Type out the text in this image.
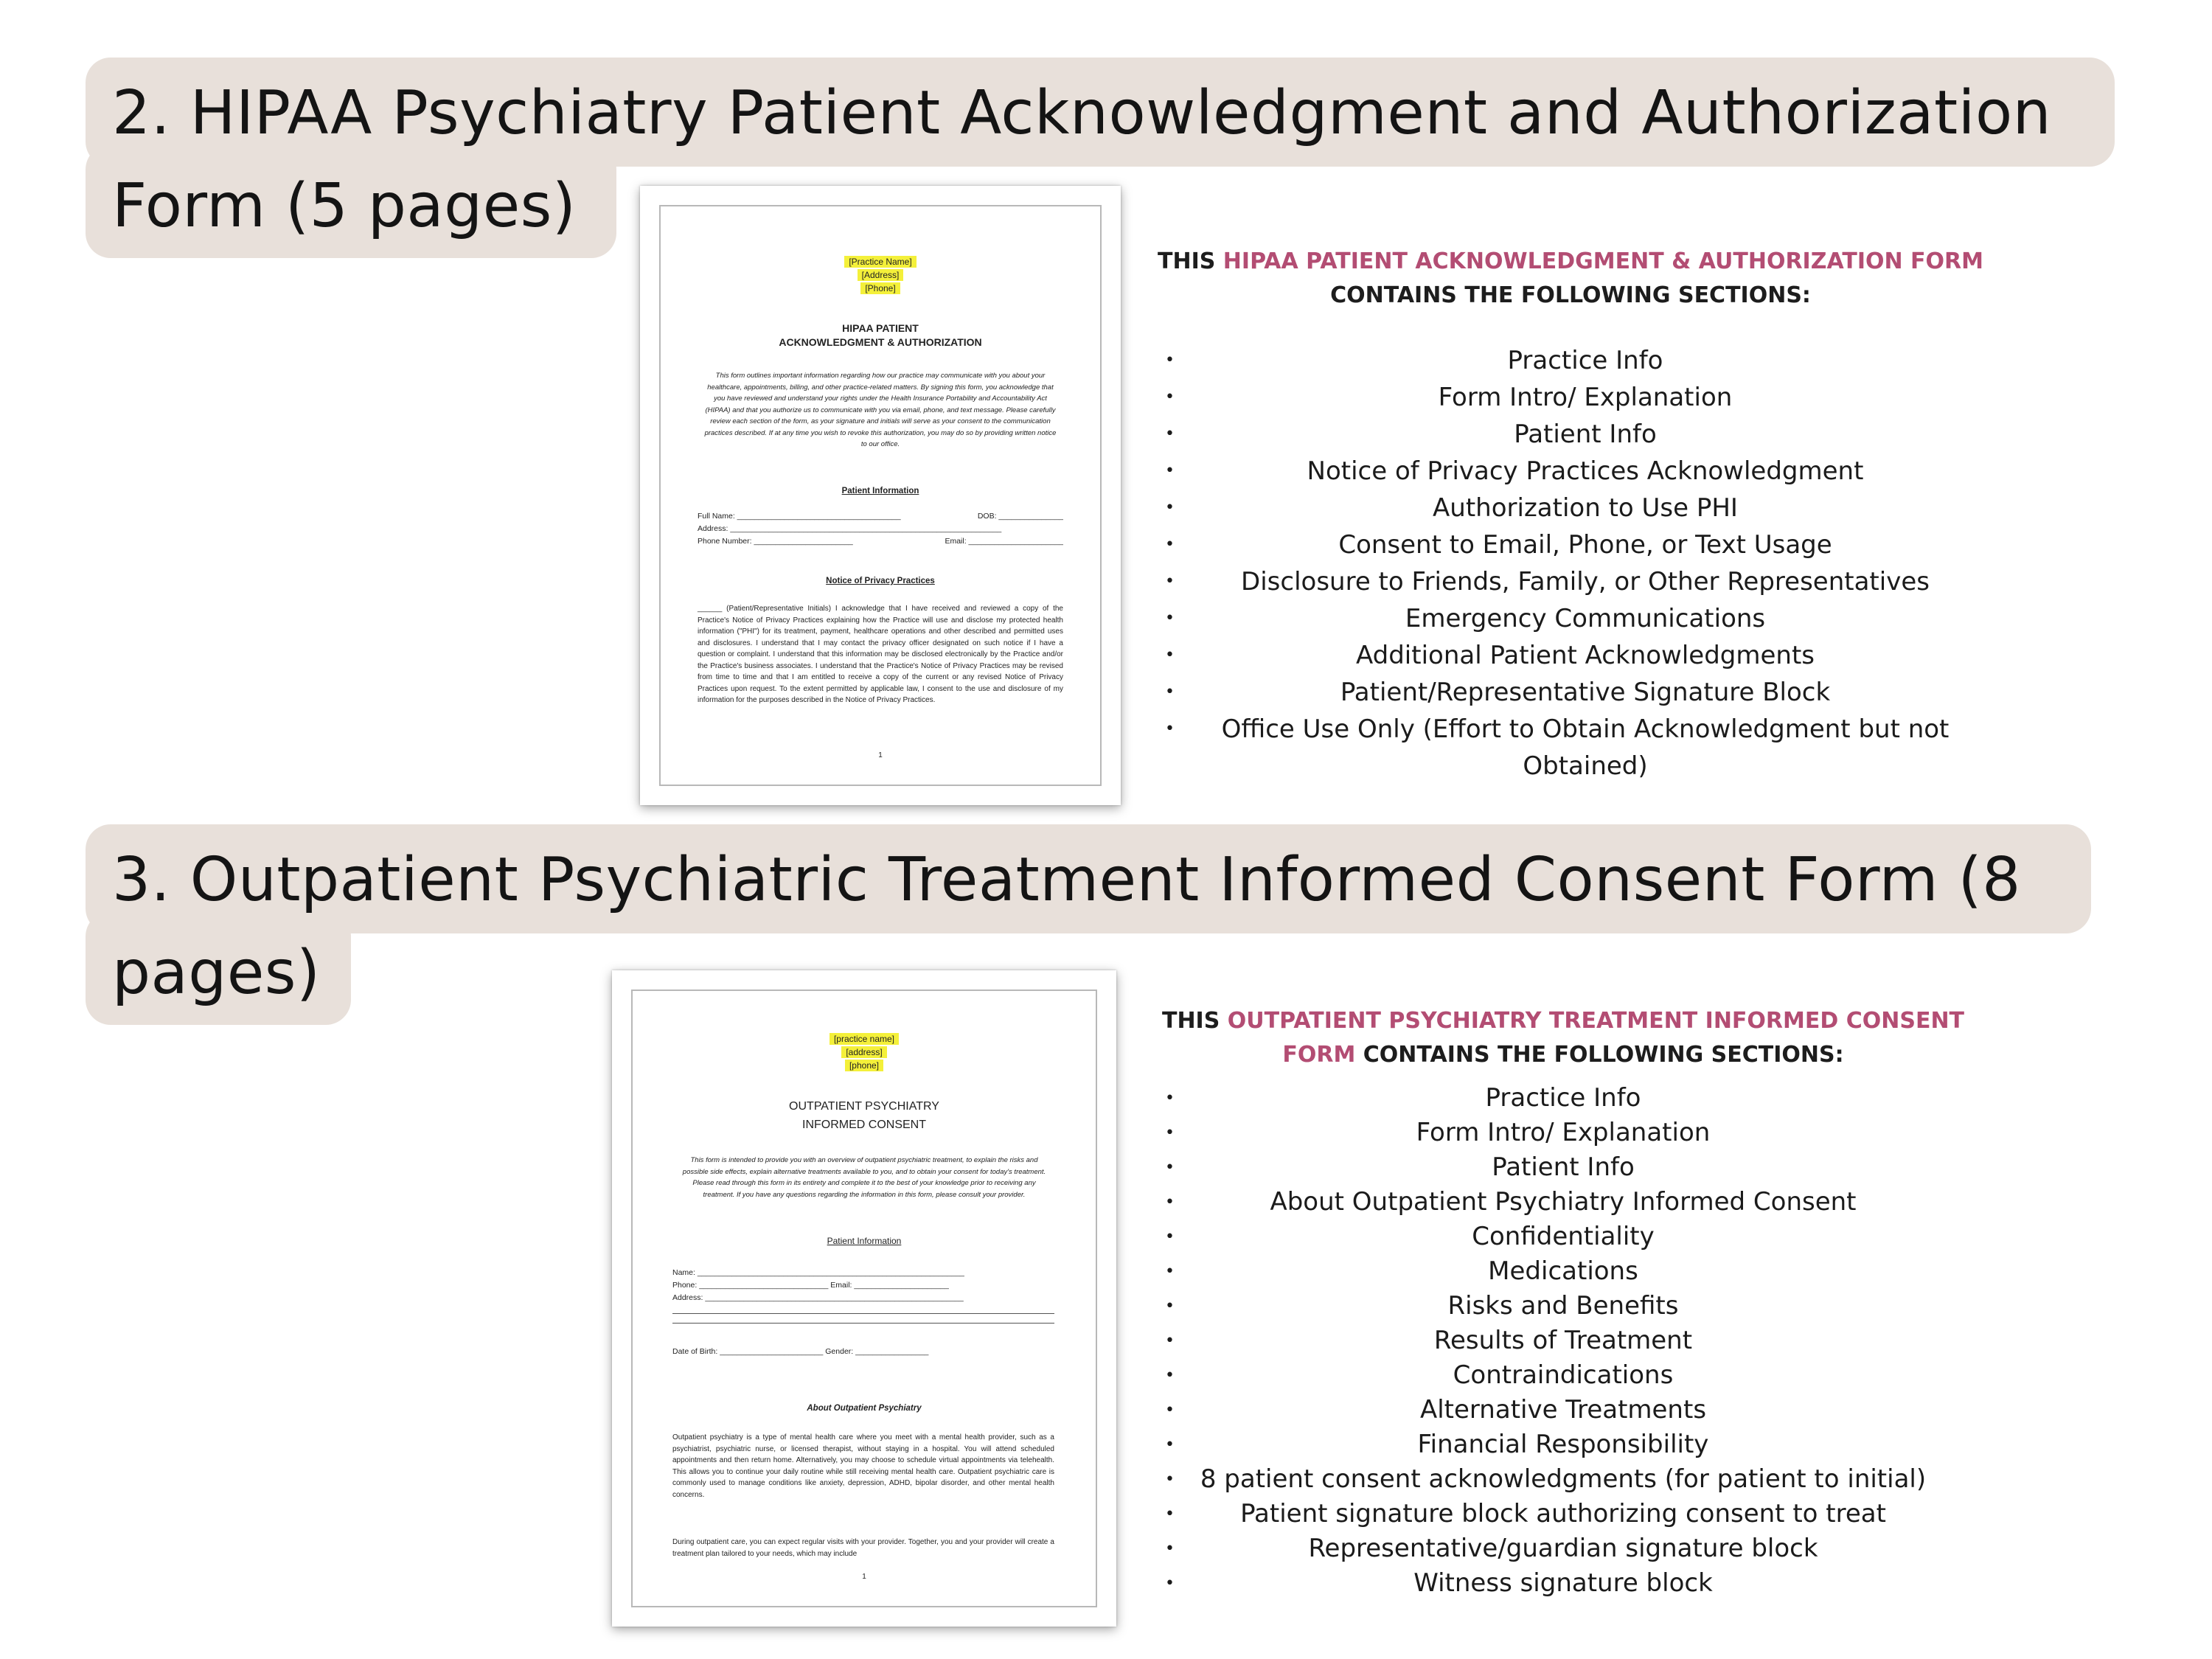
2. HIPAA Psychiatry Patient Acknowledgment and Authorization
Form (5 pages)
[Practice Name]
[Address]
[Phone]
HIPAA PATIENT
ACKNOWLEDGMENT & AUTHORIZATION
This form outlines important information regarding how our practice may communicate with you about your healthcare, appointments, billing, and other practice-related matters. By signing this form, you acknowledge that you have reviewed and understand your rights under the Health Insurance Portability and Accountability Act (HIPAA) and that you authorize us to communicate with you via email, phone, and text message. Please carefully review each section of the form, as your signature and initials will serve as your consent to the communication practices described. If at any time you wish to revoke this authorization, you may do so by providing written notice to our office.
Patient Information
Full Name: ______________________________________	DOB: _______________
Address: _______________________________________________________________
Phone Number: _______________________	Email: ______________________
Notice of Privacy Practices
______ (Patient/Representative Initials) I acknowledge that I have received and reviewed a copy of the Practice's Notice of Privacy Practices explaining how the Practice will use and disclose my protected health information ("PHI") for its treatment, payment, healthcare operations and other described and permitted uses and disclosures. I understand that I may contact the privacy officer designated on such notice if I have a question or complaint. I understand that this information may be disclosed electronically by the Practice and/or the Practice's business associates. I understand that the Practice's Notice of Privacy Practices may be revised from time to time and that I am entitled to receive a copy of the current or any revised Notice of Privacy Practices upon request. To the extent permitted by applicable law, I consent to the use and disclosure of my information for the purposes described in the Notice of Privacy Practices.
1
THIS HIPAA PATIENT ACKNOWLEDGMENT & AUTHORIZATION FORM
CONTAINS THE FOLLOWING SECTIONS:
•	Practice Info
•	Form Intro/ Explanation
•	Patient Info
•	Notice of Privacy Practices Acknowledgment
•	Authorization to Use PHI
•	Consent to Email, Phone, or Text Usage
•	Disclosure to Friends, Family, or Other Representatives
•	Emergency Communications
•	Additional Patient Acknowledgments
•	Patient/Representative Signature Block
• Office Use Only (Effort to Obtain Acknowledgment but not
Obtained)
3. Outpatient Psychiatric Treatment Informed Consent Form (8
pages)
[practice name]
[address]
[phone]
OUTPATIENT PSYCHIATRY
INFORMED CONSENT
This form is intended to provide you with an overview of outpatient psychiatric treatment, to explain the risks and possible side effects, explain alternative treatments available to you, and to obtain your consent for today's treatment. Please read through this form in its entirety and complete it to the best of your knowledge prior to receiving any treatment. If you have any questions regarding the information in this form, please consult your provider.
Patient Information
Name: ______________________________________________________________
Phone: ______________________________ Email: ______________________
Address: ____________________________________________________________
Date of Birth: ________________________ Gender: _________________
About Outpatient Psychiatry
Outpatient psychiatry is a type of mental health care where you meet with a mental health provider, such as a psychiatrist, psychiatric nurse, or licensed therapist, without staying in a hospital. You will attend scheduled appointments and then return home. Alternatively, you may choose to schedule virtual appointments via telehealth. This allows you to continue your daily routine while still receiving mental health care. Outpatient psychiatric care is commonly used to manage conditions like anxiety, depression, ADHD, bipolar disorder, and other mental health concerns.
During outpatient care, you can expect regular visits with your provider. Together, you and your provider will create a treatment plan tailored to your needs, which may include
1
THIS OUTPATIENT PSYCHIATRY TREATMENT INFORMED CONSENT
FORM CONTAINS THE FOLLOWING SECTIONS:
•	Practice Info
•	Form Intro/ Explanation
•	Patient Info
•	About Outpatient Psychiatry Informed Consent
•	Confidentiality
•	Medications
•	Risks and Benefits
•	Results of Treatment
•	Contraindications
•	Alternative Treatments
•	Financial Responsibility
• 8 patient consent acknowledgments (for patient to initial)
•	Patient signature block authorizing consent to treat
•	Representative/guardian signature block
•	Witness signature block
